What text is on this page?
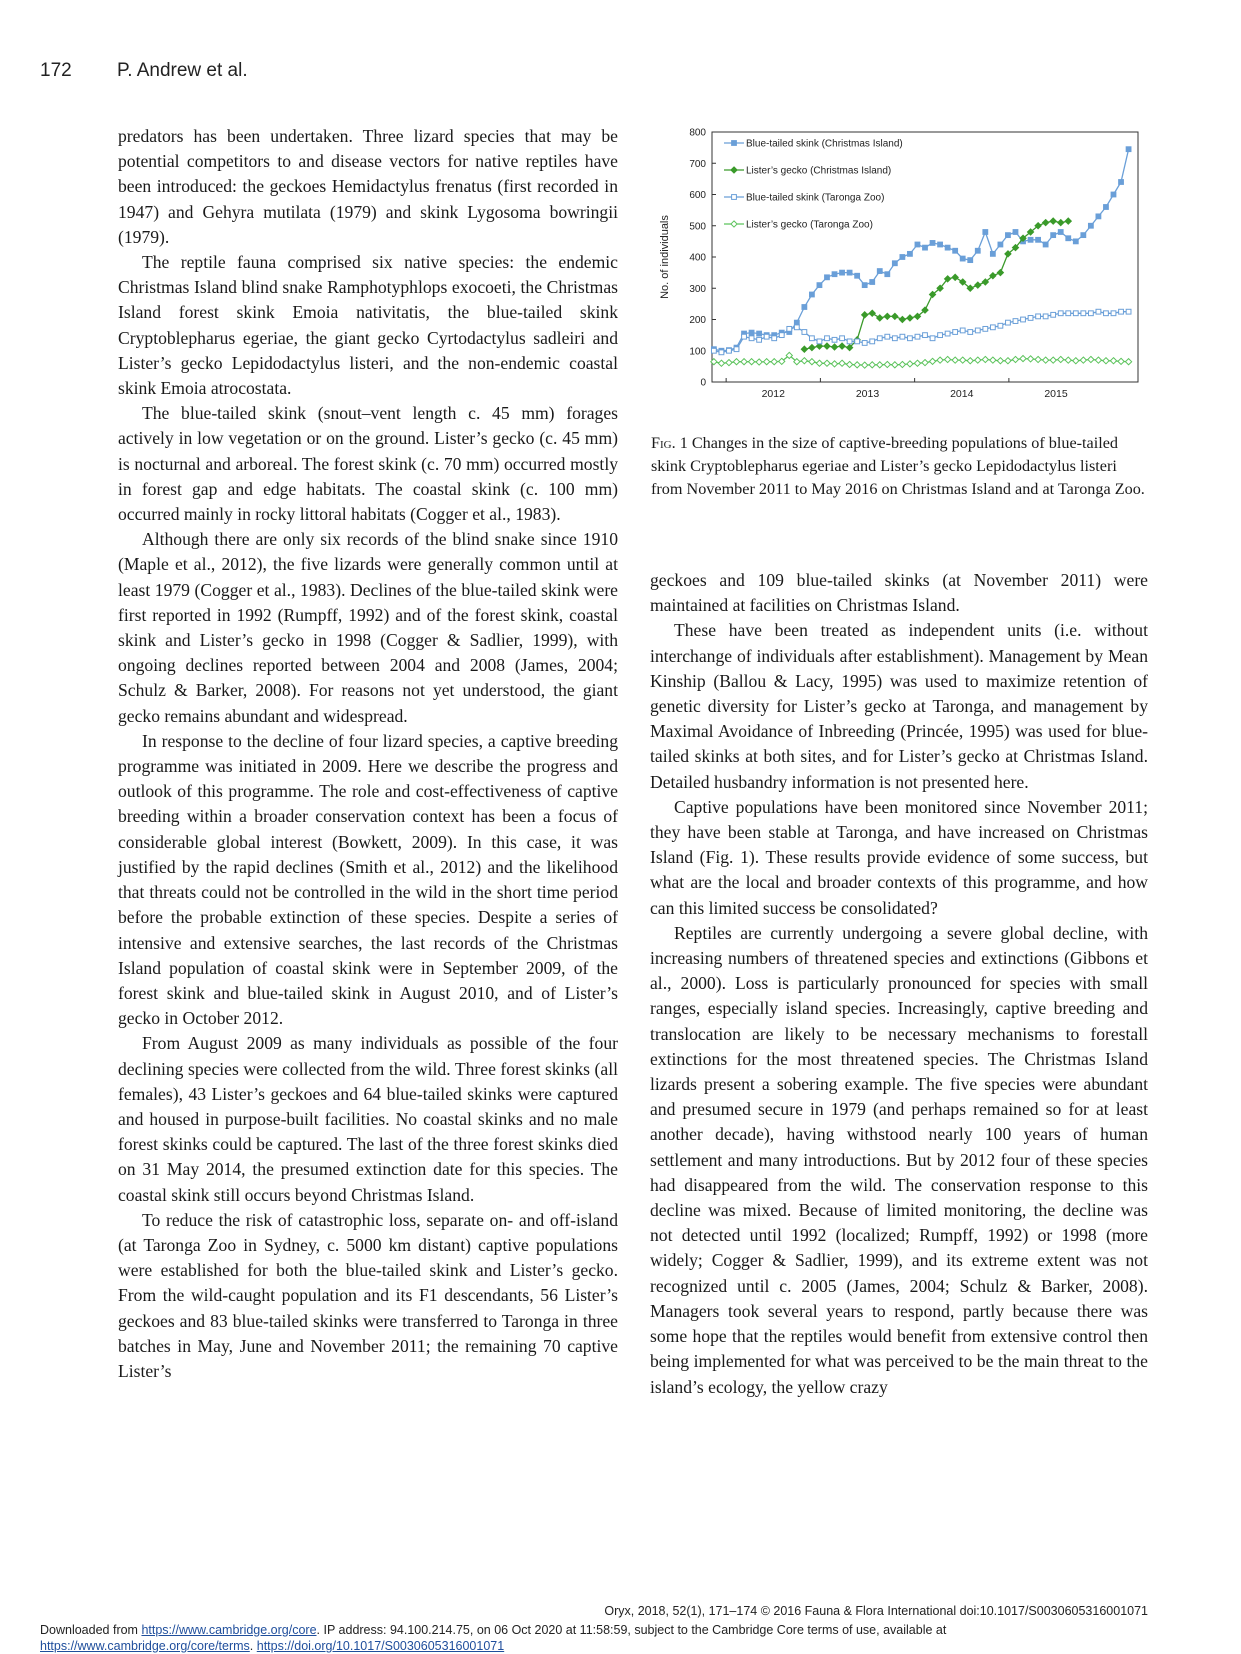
172 P. Andrew et al.

predators has been undertaken. Three lizard species that may be potential competitors to and disease vectors for native reptiles have been introduced: the geckoes Hemidactylus frenatus (first recorded in 1947) and Gehyra mutilata (1979) and skink Lygosoma bowringii (1979).

The reptile fauna comprised six native species: the endemic Christmas Island blind snake Ramphotyphlops exocoeti, the Christmas Island forest skink Emoia nativitatis, the blue-tailed skink Cryptoblepharus egeriae, the giant gecko Cyrtodactylus sadleiri and Lister’s gecko Lepidodactylus listeri, and the non-endemic coastal skink Emoia atrocostata.

The blue-tailed skink (snout–vent length c. 45 mm) forages actively in low vegetation or on the ground. Lister’s gecko (c. 45 mm) is nocturnal and arboreal. The forest skink (c. 70 mm) occurred mostly in forest gap and edge habitats. The coastal skink (c. 100 mm) occurred mainly in rocky littoral habitats (Cogger et al., 1983).

Although there are only six records of the blind snake since 1910 (Maple et al., 2012), the five lizards were generally common until at least 1979 (Cogger et al., 1983). Declines of the blue-tailed skink were first reported in 1992 (Rumpff, 1992) and of the forest skink, coastal skink and Lister’s gecko in 1998 (Cogger & Sadlier, 1999), with ongoing declines reported between 2004 and 2008 (James, 2004; Schulz & Barker, 2008). For reasons not yet understood, the giant gecko remains abundant and widespread.

In response to the decline of four lizard species, a captive breeding programme was initiated in 2009. Here we describe the progress and outlook of this programme. The role and cost-effectiveness of captive breeding within a broader conservation context has been a focus of considerable global interest (Bowkett, 2009). In this case, it was justified by the rapid declines (Smith et al., 2012) and the likelihood that threats could not be controlled in the wild in the short time period before the probable extinction of these species. Despite a series of intensive and extensive searches, the last records of the Christmas Island population of coastal skink were in September 2009, of the forest skink and blue-tailed skink in August 2010, and of Lister’s gecko in October 2012.

From August 2009 as many individuals as possible of the four declining species were collected from the wild. Three forest skinks (all females), 43 Lister’s geckoes and 64 blue-tailed skinks were captured and housed in purpose-built facilities. No coastal skinks and no male forest skinks could be captured. The last of the three forest skinks died on 31 May 2014, the presumed extinction date for this species. The coastal skink still occurs beyond Christmas Island.

To reduce the risk of catastrophic loss, separate on- and off-island (at Taronga Zoo in Sydney, c. 5000 km distant) captive populations were established for both the blue-tailed skink and Lister’s gecko. From the wild-caught population and its F1 descendants, 56 Lister’s geckoes and 83 blue-tailed skinks were transferred to Taronga in three batches in May, June and November 2011; the remaining 70 captive Lister’s

0
100
200
300
400
500
600
700
800
2012	2013	2014	2015
No. of individuals
Blue-tailed skink (Christmas Island)
Lister’s gecko (Christmas Island)
Blue-tailed skink (Taronga Zoo)
Lister’s gecko (Taronga Zoo)
Fig. 1 Changes in the size of captive-breeding populations of blue-tailed skink Cryptoblepharus egeriae and Lister’s gecko Lepidodactylus listeri from November 2011 to May 2016 on Christmas Island and at Taronga Zoo.

geckoes and 109 blue-tailed skinks (at November 2011) were maintained at facilities on Christmas Island.

These have been treated as independent units (i.e. without interchange of individuals after establishment). Management by Mean Kinship (Ballou & Lacy, 1995) was used to maximize retention of genetic diversity for Lister’s gecko at Taronga, and management by Maximal Avoidance of Inbreeding (Princée, 1995) was used for blue-tailed skinks at both sites, and for Lister’s gecko at Christmas Island. Detailed husbandry information is not presented here.

Captive populations have been monitored since November 2011; they have been stable at Taronga, and have increased on Christmas Island (Fig. 1). These results provide evidence of some success, but what are the local and broader contexts of this programme, and how can this limited success be consolidated?

Reptiles are currently undergoing a severe global decline, with increasing numbers of threatened species and extinctions (Gibbons et al., 2000). Loss is particularly pronounced for species with small ranges, especially island species. Increasingly, captive breeding and translocation are likely to be necessary mechanisms to forestall extinctions for the most threatened species. The Christmas Island lizards present a sobering example. The five species were abundant and presumed secure in 1979 (and perhaps remained so for at least another decade), having withstood nearly 100 years of human settlement and many introductions. But by 2012 four of these species had disappeared from the wild. The conservation response to this decline was mixed. Because of limited monitoring, the decline was not detected until 1992 (localized; Rumpff, 1992) or 1998 (more widely; Cogger & Sadlier, 1999), and its extreme extent was not recognized until c. 2005 (James, 2004; Schulz & Barker, 2008). Managers took several years to respond, partly because there was some hope that the reptiles would benefit from extensive control then being implemented for what was perceived to be the main threat to the island’s ecology, the yellow crazy

Oryx, 2018, 52(1), 171–174 © 2016 Fauna & Flora International doi:10.1017/S0030605316001071
Downloaded from https://www.cambridge.org/core. IP address: 94.100.214.75, on 06 Oct 2020 at 11:58:59, subject to the Cambridge Core terms of use, available at
https://www.cambridge.org/core/terms. https://doi.org/10.1017/S0030605316001071
